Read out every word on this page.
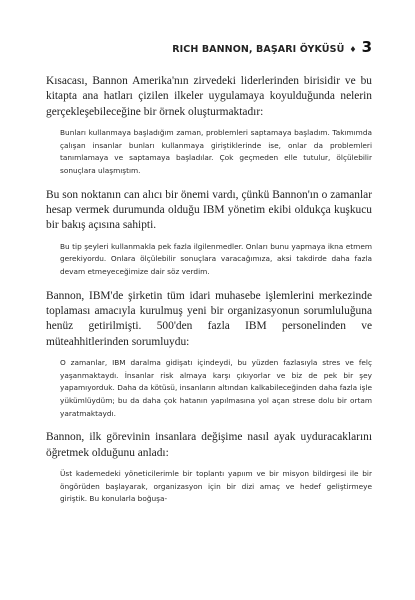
RICH BANNON, BAŞARI ÖYKÜSÜ ♦ 3

Kısacası, Bannon Amerika'nın zirvedeki liderlerinden birisidir ve bu kitapta ana hatları çizilen ilkeler uygulamaya koyulduğunda nelerin gerçekleşebileceğine bir örnek oluşturmaktadır:

Bunları kullanmaya başladığım zaman, problemleri saptamaya başladım. Takımımda çalışan insanlar bunları kullanmaya giriştiklerinde ise, onlar da problemleri tanımlamaya ve saptamaya başladılar. Çok geçmeden elle tutulur, ölçülebilir sonuçlara ulaşmıştım.

Bu son noktanın can alıcı bir önemi vardı, çünkü Bannon'ın o zamanlar hesap vermek durumunda olduğu IBM yönetim ekibi oldukça kuşkucu bir bakış açısına sahipti.

Bu tip şeyleri kullanmakla pek fazla ilgilenmedler. Onları bunu yapmaya ikna etmem gerekiyordu. Onlara ölçülebilir sonuçlara varacağımıza, aksi takdirde daha fazla devam etmeyeceğimize dair söz verdim.

Bannon, IBM'de şirketin tüm idari muhasebe işlemlerini merkezinde toplaması amacıyla kurulmuş yeni bir organizasyonun sorumluluğuna henüz getirilmişti. 500'den fazla IBM personelinden ve müteahhitlerinden sorumluydu:

O zamanlar, IBM daralma gidişatı içindeydi, bu yüzden fazlasıyla stres ve felç yaşanmaktaydı. İnsanlar risk almaya karşı çıkıyorlar ve biz de pek bir şey yapamıyorduk. Daha da kötüsü, insanların altından kalkabileceğinden daha fazla işle yükümlüydüm; bu da daha çok hatanın yapılmasına yol açan strese dolu bir ortam yaratmaktaydı.

Bannon, ilk görevinin insanlara değişime nasıl ayak uyduracaklarını öğretmek olduğunu anladı:

Üst kademedeki yöneticilerimle bir toplantı yapıım ve bir misyon bildirgesi ile bir öngörüden başlayarak, organizasyon için bir dizi amaç ve hedef geliştirmeye giriştik. Bu konularla boğuşa-
